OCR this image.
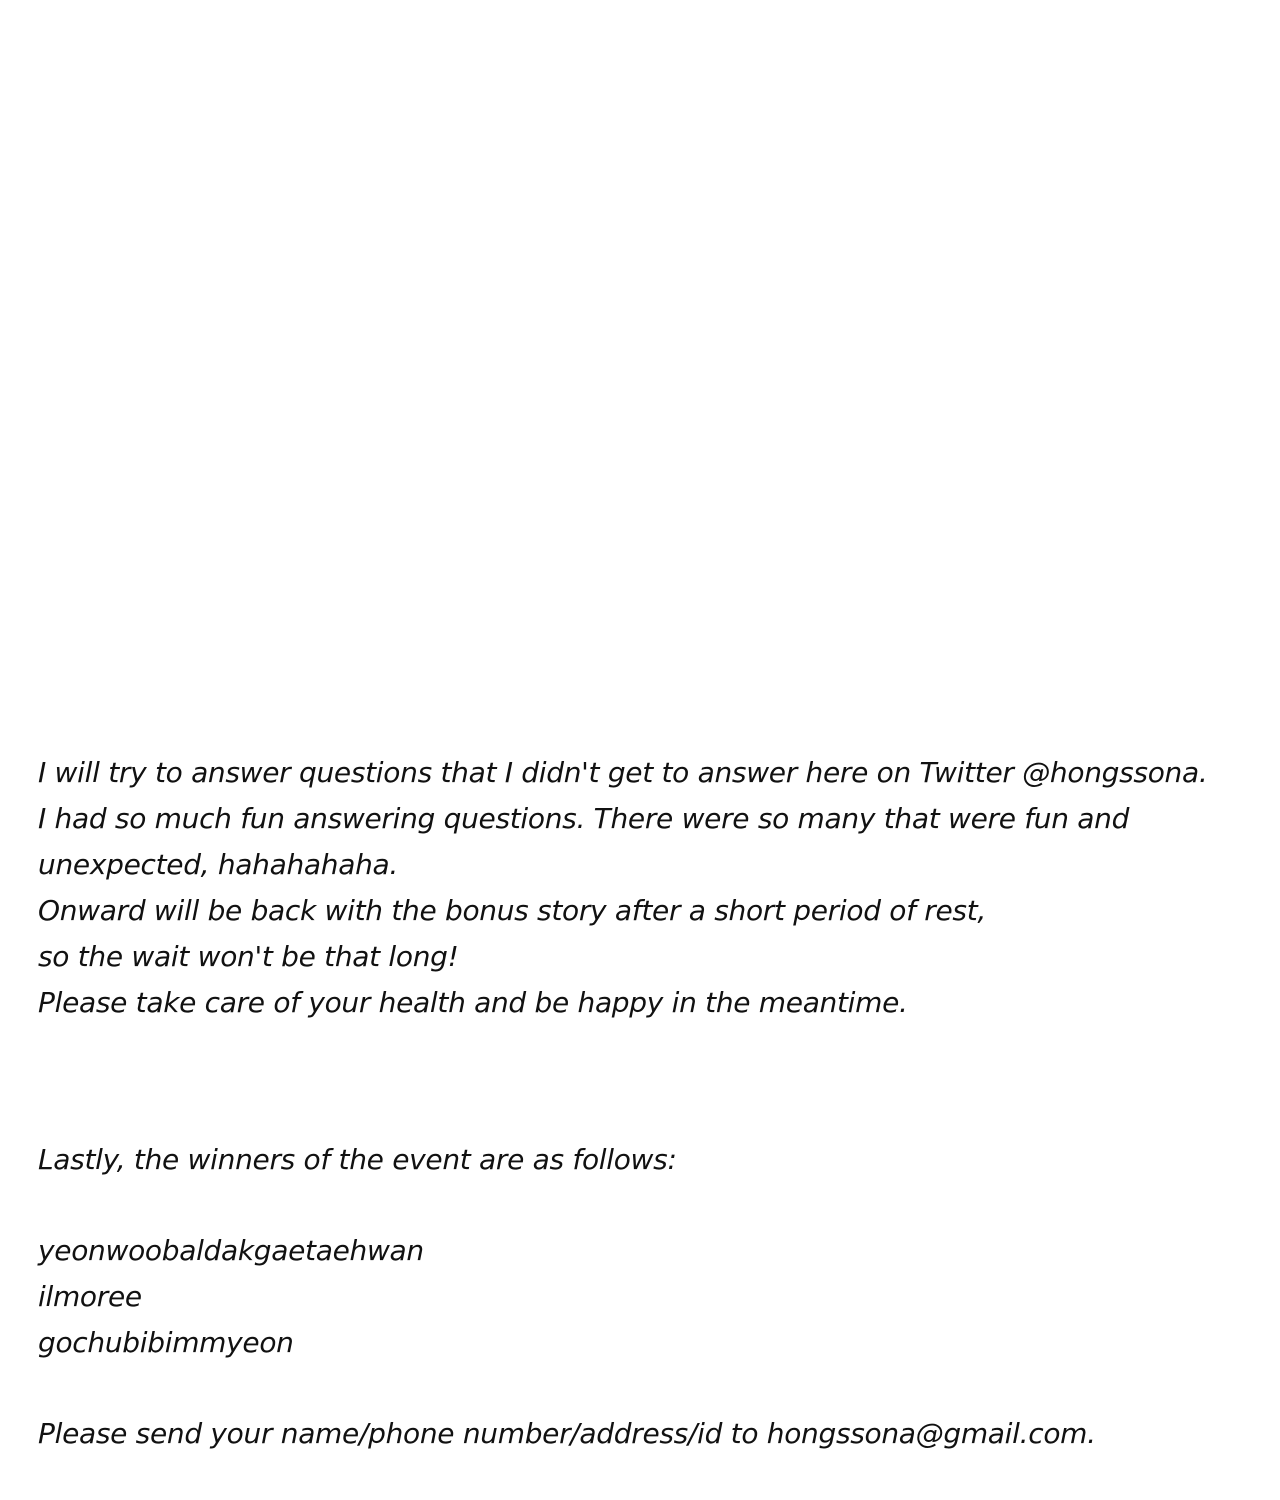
I will try to answer questions that I didn't get to answer here on Twitter @hongssona.
I had so much fun answering questions. There were so many that were fun and
unexpected, hahahahaha.
Onward will be back with the bonus story after a short period of rest,
so the wait won't be that long!
Please take care of your health and be happy in the meantime.
Lastly, the winners of the event are as follows:
yeonwoobaldakgaetaehwan
ilmoree
gochubibimmyeon
Please send your name/phone number/address/id to hongssona@gmail.com.
